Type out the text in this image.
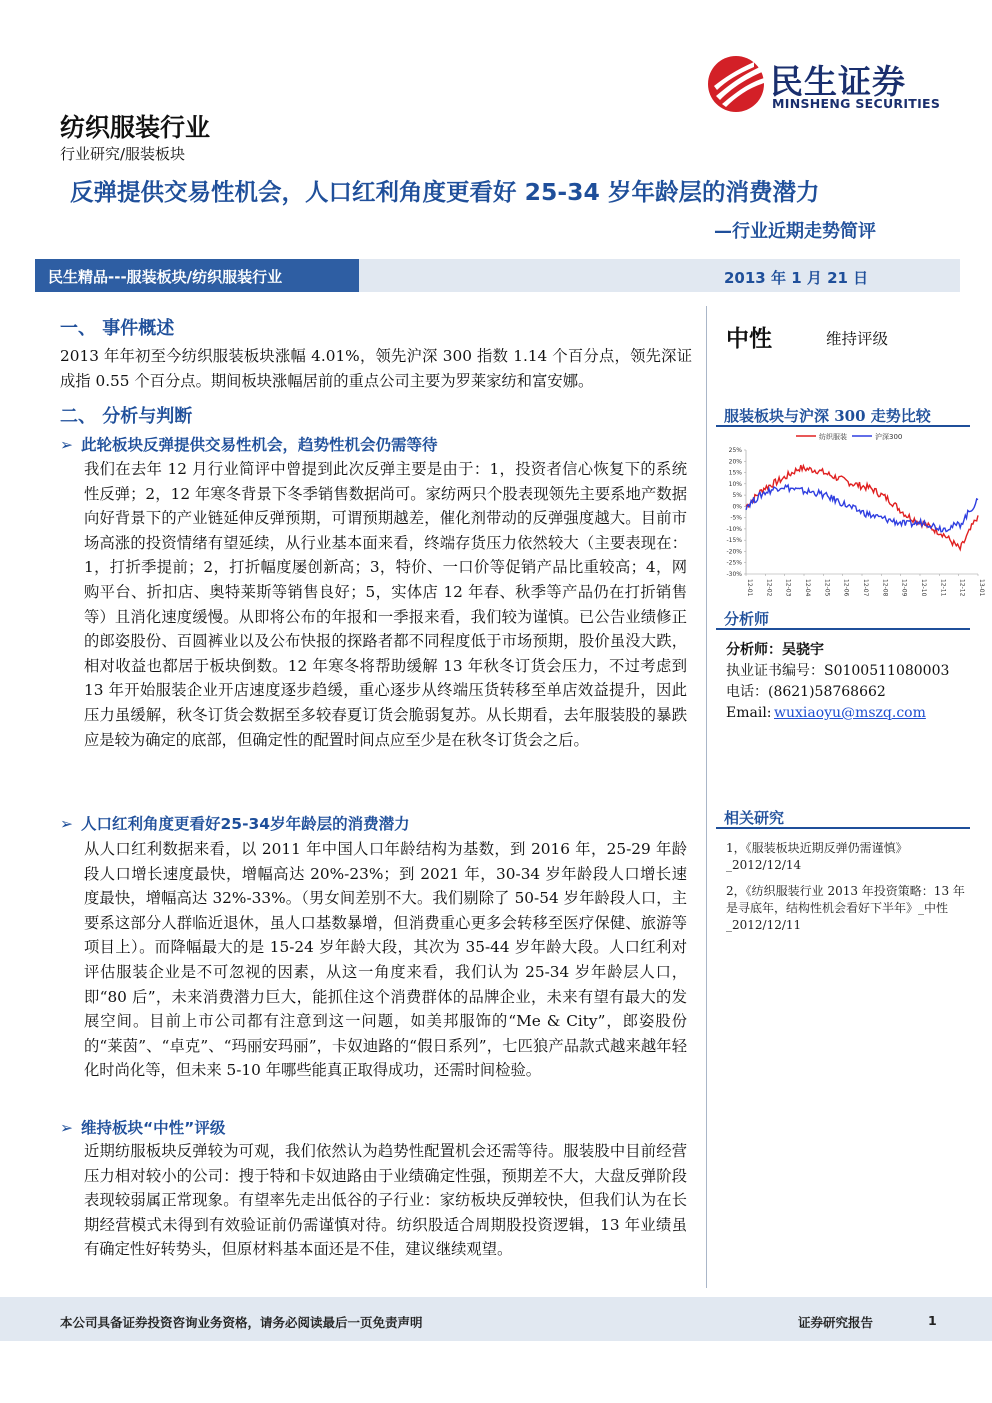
民生证券
MINSHENG SECURITIES
纺织服装行业
行业研究/服装板块
反弹提供交易性机会，人口红利角度更看好 25-34 岁年龄层的消费潜力
—行业近期走势简评
民生精品---服装板块/纺织服装行业	2013 年 1 月 21 日
一、 事件概述
2013 年年初至今纺织服装板块涨幅 4.01%，领先沪深 300 指数 1.14 个百分点，领先深证成指 0.55 个百分点。期间板块涨幅居前的重点公司主要为罗莱家纺和富安娜。
二、 分析与判断
➢ 此轮板块反弹提供交易性机会，趋势性机会仍需等待
我们在去年 12 月行业简评中曾提到此次反弹主要是由于：1，投资者信心恢复下的系统性反弹；2，12 年寒冬背景下冬季销售数据尚可。家纺两只个股表现领先主要系地产数据向好背景下的产业链延伸反弹预期，可谓预期越差，催化剂带动的反弹强度越大。目前市场高涨的投资情绪有望延续，从行业基本面来看，终端存货压力依然较大（主要表现在：1，打折季提前；2，打折幅度屡创新高；3，特价、一口价等促销产品比重较高；4，网购平台、折扣店、奥特莱斯等销售良好；5，实体店 12 年春、秋季等产品仍在打折销售等）且消化速度缓慢。从即将公布的年报和一季报来看，我们较为谨慎。已公告业绩修正的郎姿股份、百圆裤业以及公布快报的探路者都不同程度低于市场预期，股价虽没大跌，相对收益也都居于板块倒数。12 年寒冬将帮助缓解 13 年秋冬订货会压力，不过考虑到 13 年开始服装企业开店速度逐步趋缓，重心逐步从终端压货转移至单店效益提升，因此压力虽缓解，秋冬订货会数据至多较春夏订货会脆弱复苏。从长期看，去年服装股的暴跌应是较为确定的底部，但确定性的配置时间点应至少是在秋冬订货会之后。
➢ 人口红利角度更看好25-34岁年龄层的消费潜力
从人口红利数据来看，以 2011 年中国人口年龄结构为基数，到 2016 年，25-29 年龄段人口增长速度最快，增幅高达 20%-23%；到 2021 年，30-34 岁年龄段人口增长速度最快，增幅高达 32%-33%。（男女间差别不大。我们剔除了 50-54 岁年龄段人口，主要系这部分人群临近退休，虽人口基数暴增，但消费重心更多会转移至医疗保健、旅游等项目上）。而降幅最大的是 15-24 岁年龄大段，其次为 35-44 岁年龄大段。人口红利对评估服装企业是不可忽视的因素，从这一角度来看，我们认为 25-34 岁年龄层人口，即“80 后”，未来消费潜力巨大，能抓住这个消费群体的品牌企业，未来有望有最大的发展空间。目前上市公司都有注意到这一问题，如美邦服饰的“Me & City”，郎姿股份的“莱茵”、“卓克”、“玛丽安玛丽”，卡奴迪路的“假日系列”，七匹狼产品款式越来越年轻化时尚化等，但未来 5-10 年哪些能真正取得成功，还需时间检验。
➢ 维持板块“中性”评级
近期纺服板块反弹较为可观，我们依然认为趋势性配置机会还需等待。服装股中目前经营压力相对较小的公司：搜于特和卡奴迪路由于业绩确定性强，预期差不大，大盘反弹阶段表现较弱属正常现象。有望率先走出低谷的子行业：家纺板块反弹较快，但我们认为在长期经营模式未得到有效验证前仍需谨慎对待。纺织股适合周期股投资逻辑，13 年业绩虽有确定性好转势头，但原材料基本面还是不佳，建议继续观望。
中性	维持评级
服装板块与沪深 300 走势比较
纺织服装	沪深300
25%
20%
15%
10%
5%
0%
-5%
-10%
-15%
-20%
-25%
-30%
12-01 12-02 12-03 12-04 12-05 12-06 12-07 12-08 12-09 12-10 12-11 12-12 13-01
分析师
分析师：吴骁宇
执业证书编号：S0100511080003
电话：(8621)58768662
Email: wuxiaoyu@mszq.com
相关研究
1，《服装板块近期反弹仍需谨慎》_2012/12/14
2，《纺织服装行业 2013 年投资策略：13 年是寻底年，结构性机会看好下半年》_中性_2012/12/11
本公司具备证券投资咨询业务资格，请务必阅读最后一页免责声明	证券研究报告	1
